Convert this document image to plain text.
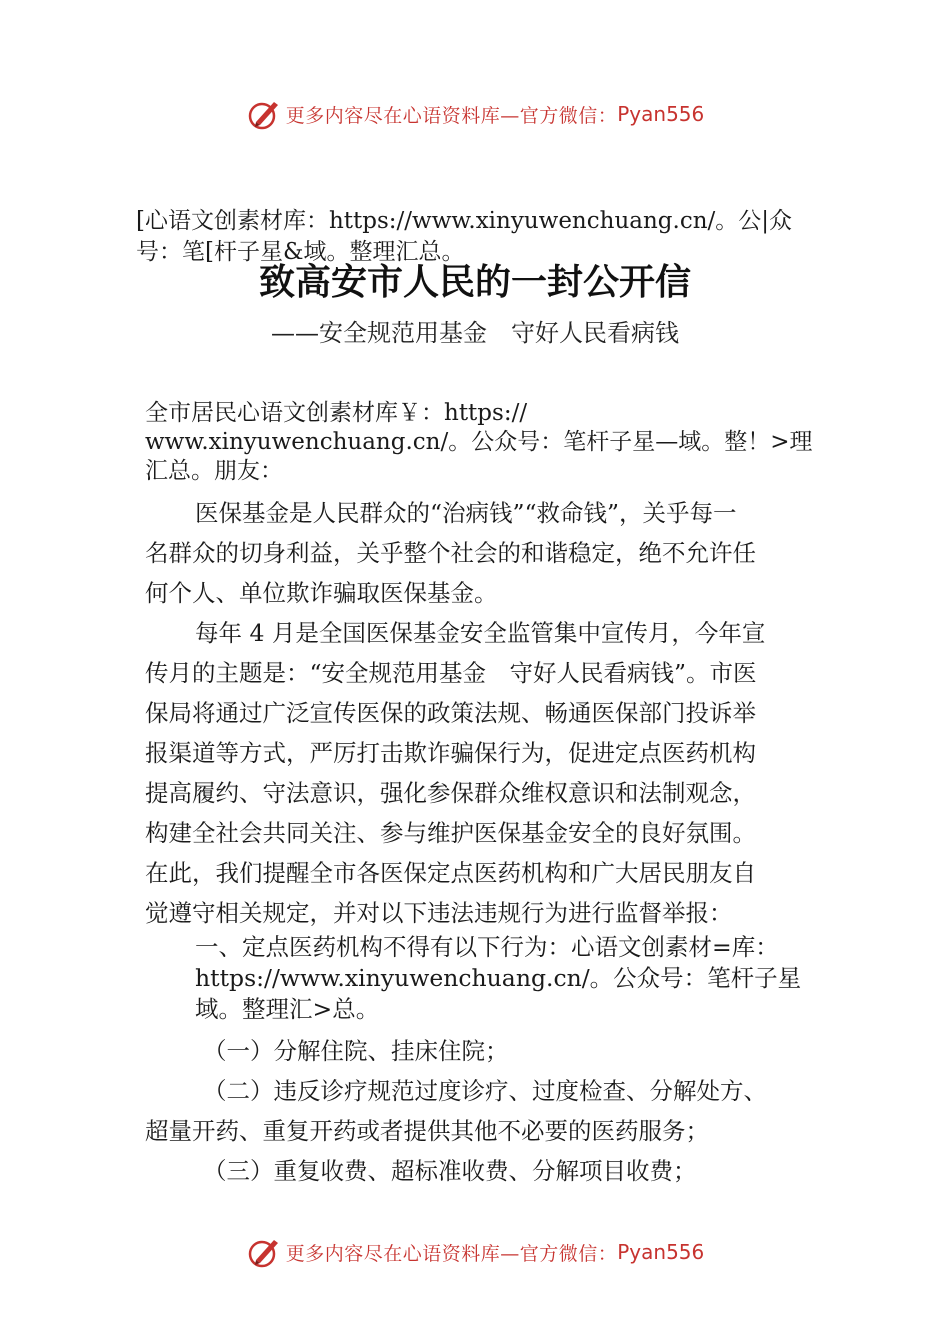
更多内容尽在心语资料库—官方微信： Pyan556
[心语文创素材库：https://www.xinyuwenchuang.cn/。公|众
号：笔[杆子星&域。整理汇总。
致高安市人民的一封公开信
——安全规范用基金　守好人民看病钱
全市居民心语文创素材库￥：https://
www.xinyuwenchuang.cn/。公众号：笔杆子星—域。整！>理
汇总。朋友：
医保基金是人民群众的“治病钱”“救命钱”，关乎每一
名群众的切身利益，关乎整个社会的和谐稳定，绝不允许任
何个人、单位欺诈骗取医保基金。
每年 4 月是全国医保基金安全监管集中宣传月，今年宣
传月的主题是：“安全规范用基金　守好人民看病钱”。市医
保局将通过广泛宣传医保的政策法规、畅通医保部门投诉举
报渠道等方式，严厉打击欺诈骗保行为，促进定点医药机构
提高履约、守法意识，强化参保群众维权意识和法制观念，
构建全社会共同关注、参与维护医保基金安全的良好氛围。
在此，我们提醒全市各医保定点医药机构和广大居民朋友自
觉遵守相关规定，并对以下违法违规行为进行监督举报：
一、定点医药机构不得有以下行为：心语文创素材=库：
https://www.xinyuwenchuang.cn/。公众号：笔杆子星
域。整理汇>总。
（一）分解住院、挂床住院；
（二）违反诊疗规范过度诊疗、过度检查、分解处方、
超量开药、重复开药或者提供其他不必要的医药服务；
（三）重复收费、超标准收费、分解项目收费；
更多内容尽在心语资料库—官方微信： Pyan556
